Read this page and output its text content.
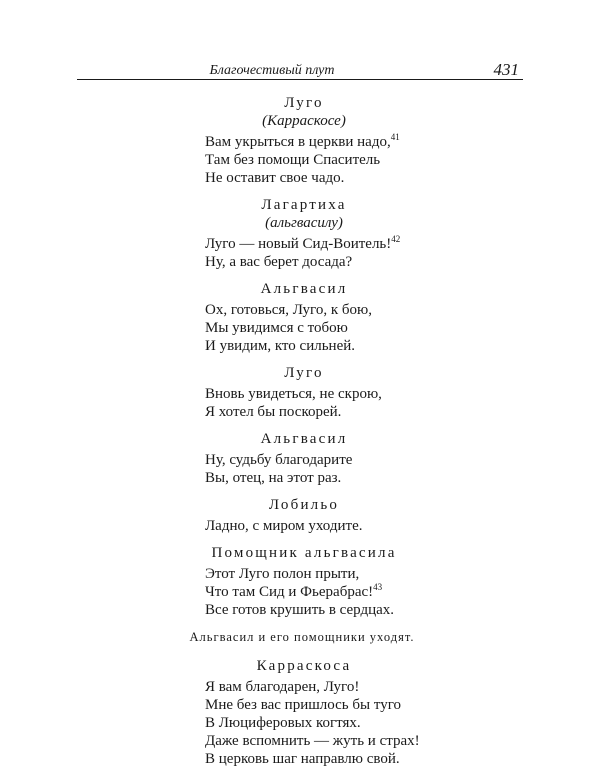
Благочестивый плут	431
Луго
(Карраскосе)
Вам укрыться в церкви надо,$^{41}$
Там без помощи Спаситель
Не оставит свое чадо.
Лагартиха
(альгвасилу)
Луго — новый Сид-Воитель!$^{42}$
Ну, а вас берет досада?
Альгвасил
Ох, готовься, Луго, к бою,
Мы увидимся с тобою
И увидим, кто сильней.
Луго
Вновь увидеться, не скрою,
Я хотел бы поскорей.
Альгвасил
Ну, судьбу благодарите
Вы, отец, на этот раз.
Лобильо
Ладно, с миром уходите.
Помощник альгвасила
Этот Луго полон прыти,
Что там Сид и Фьерабрас!$^{43}$
Все готов крушить в сердцах.
Альгвасил и его помощники уходят.
Карраскоса
Я вам благодарен, Луго!
Мне без вас пришлось бы туго
В Люциферовых когтях.
Даже вспомнить — жуть и страх!
В церковь шаг направлю свой.
